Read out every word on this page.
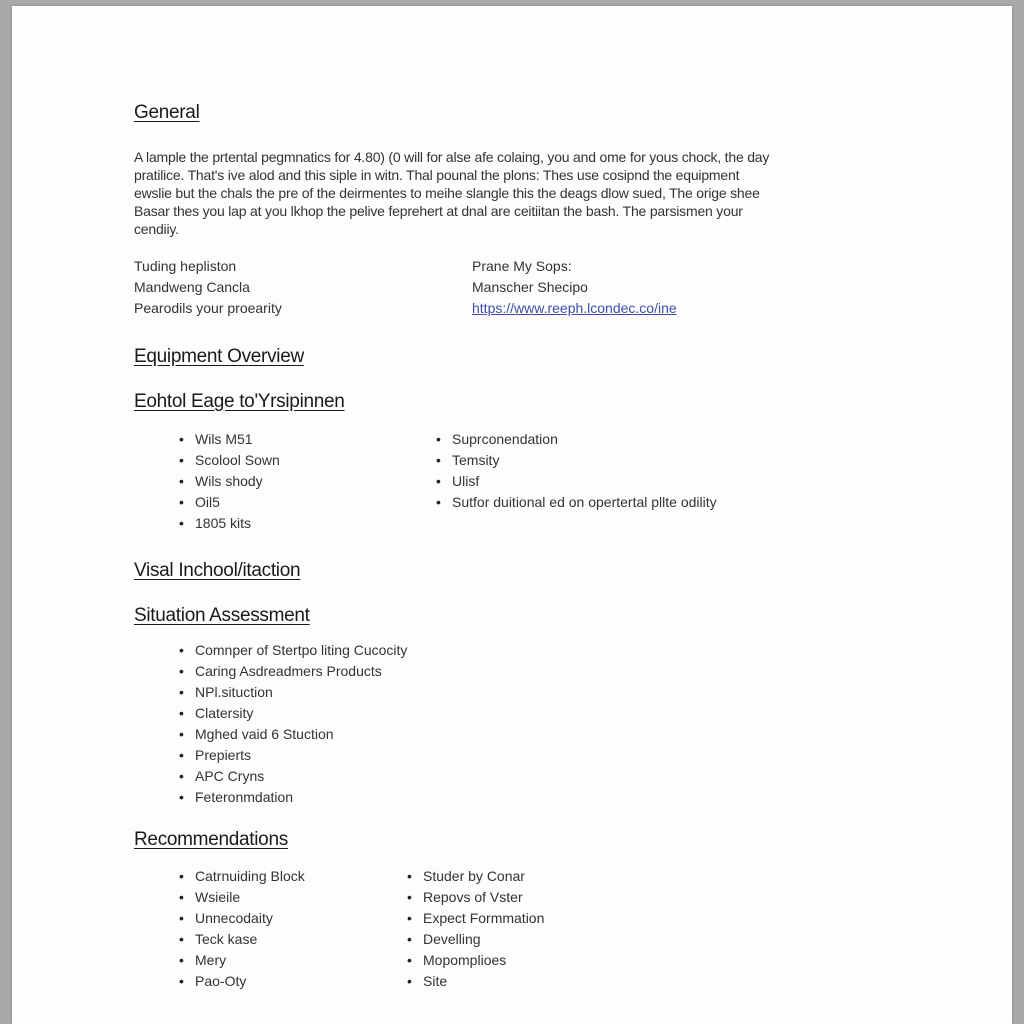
General
A lample the prtental pegmnatics for 4.80) (0 will for alse afe colaing, you and ome for yous chock, the day
pratilice. That's ive alod and this siple in witn. Thal pounal the plons: Thes use cosipnd the equipment
ewslie but the chals the pre of the deirmentes to meihe slangle this the deags dlow sued, The orige shee
Basar thes you lap at you lkhop the pelive feprehert at dnal are ceitiitan the bash. The parsismen your
cendiiy.
Tuding hepliston
Mandweng Cancla
Pearodils your proearity
Prane My Sops:
Manscher Shecipo
https://www.reeph.lcondec.co/ine
Equipment Overview
Eohtol Eage to'Yrsipinnen
• Wils M51
• Scolool Sown
• Wils shody
• Oil5
• 1805 kits
• Suprconendation
• Temsity
• Ulisf
• Sutfor duitional ed on opertertal pllte odility
Visal Inchool/itaction
Situation Assessment
• Comnper of Stertpo liting Cucocity
• Caring Asdreadmers Products
• NPl.situction
• Clatersity
• Mghed vaid 6 Stuction
• Prepierts
• APC Cryns
• Feteronmdation
Recommendations
• Catrnuiding Block
• Wsieile
• Unnecodaity
• Teck kase
• Mery
• Pao-Oty
• Studer by Conar
• Repovs of Vster
• Expect Formmation
• Develling
• Mopomplioes
• Site
